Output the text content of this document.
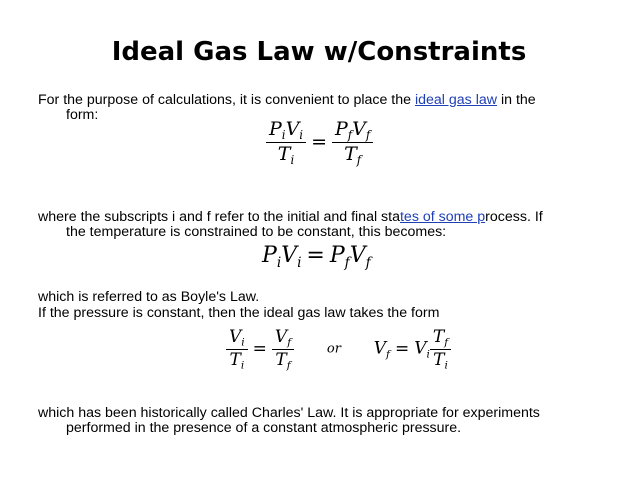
Ideal Gas Law w/Constraints
For the purpose of calculations, it is convenient to place the ideal gas law in the
form:
$\frac{P_iV_i}{T_i} = \frac{P_fV_f}{T_f}$
where the subscripts i and f refer to the initial and final states of some process. If
the temperature is constrained to be constant, this becomes:
$P_iV_i = P_fV_f$
which is referred to as Boyle's Law.
If the pressure is constant, then the ideal gas law takes the form
$\frac{V_i}{T_i} = \frac{V_f}{T_f}$	or  $V_f = V_i \frac{T_f}{T_i}$
which has been historically called Charles' Law. It is appropriate for experiments
performed in the presence of a constant atmospheric pressure.
